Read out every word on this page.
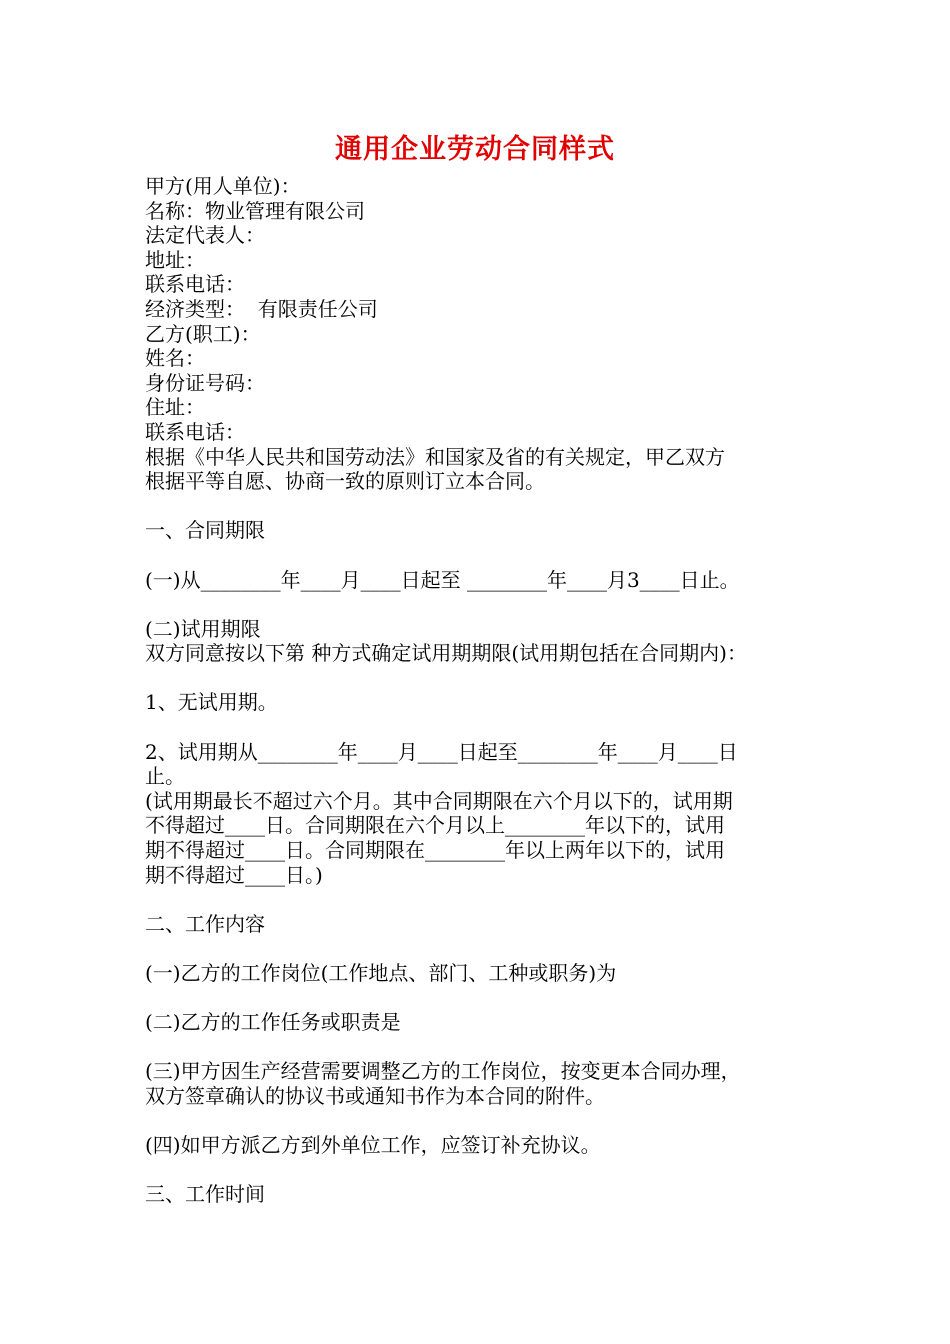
通用企业劳动合同样式
甲方(用人单位)：
名称：物业管理有限公司
法定代表人：
地址：
联系电话：
经济类型：  有限责任公司
乙方(职工)：
姓名：
身份证号码：
住址：
联系电话：
根据《中华人民共和国劳动法》和国家及省的有关规定，甲乙双方
根据平等自愿、协商一致的原则订立本合同。
一、合同期限
(一)从________年____月____日起至 ________年____月3____日止。
(二)试用期限
双方同意按以下第 种方式确定试用期期限(试用期包括在合同期内)：
1、无试用期。
2、试用期从________年____月____日起至________年____月____日
止。
(试用期最长不超过六个月。其中合同期限在六个月以下的，试用期
不得超过____日。合同期限在六个月以上________年以下的，试用
期不得超过____日。合同期限在________年以上两年以下的，试用
期不得超过____日。)
二、工作内容
(一)乙方的工作岗位(工作地点、部门、工种或职务)为
(二)乙方的工作任务或职责是
(三)甲方因生产经营需要调整乙方的工作岗位，按变更本合同办理，
双方签章确认的协议书或通知书作为本合同的附件。
(四)如甲方派乙方到外单位工作，应签订补充协议。
三、工作时间
